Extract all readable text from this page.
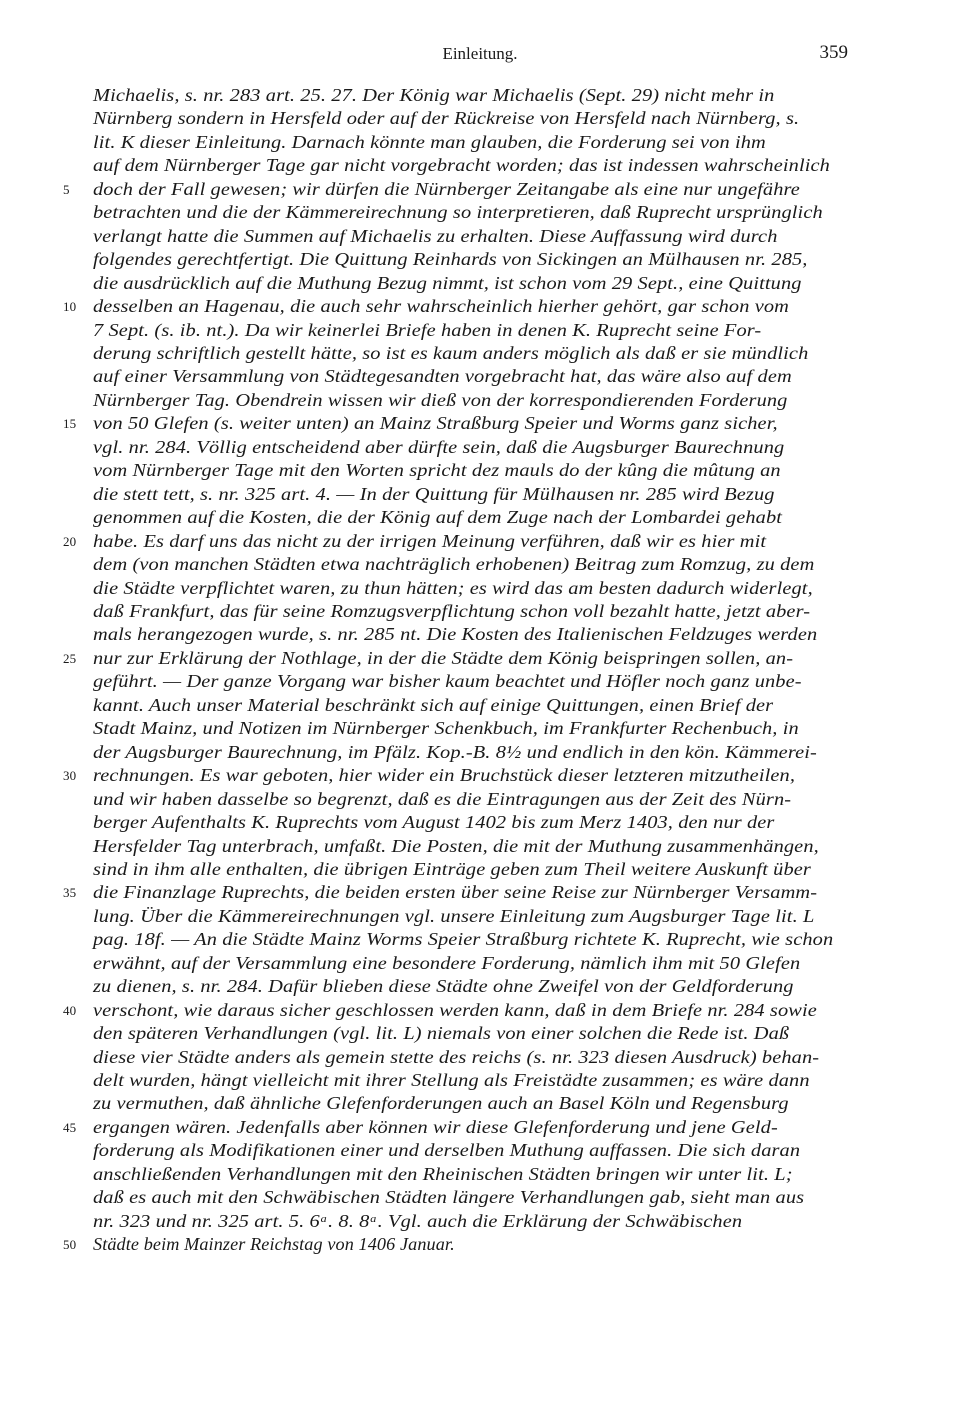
Einleitung.	359
Michaelis, s. nr. 283 art. 25. 27. Der König war Michaelis (Sept. 29) nicht mehr in
Nürnberg sondern in Hersfeld oder auf der Rückreise von Hersfeld nach Nürnberg, s.
lit. K dieser Einleitung. Darnach könnte man glauben, die Forderung sei von ihm
auf dem Nürnberger Tage gar nicht vorgebracht worden; das ist indessen wahrscheinlich
5	doch der Fall gewesen; wir dürfen die Nürnberger Zeitangabe als eine nur ungefähre
betrachten und die der Kämmereirechnung so interpretieren, daß Ruprecht ursprünglich
verlangt hatte die Summen auf Michaelis zu erhalten. Diese Auffassung wird durch
folgendes gerechtfertigt. Die Quittung Reinhards von Sickingen an Mülhausen nr. 285,
die ausdrücklich auf die Muthung Bezug nimmt, ist schon vom 29 Sept., eine Quittung
10 desselben an Hagenau, die auch sehr wahrscheinlich hierher gehört, gar schon vom
7 Sept. (s. ib. nt.). Da wir keinerlei Briefe haben in denen K. Ruprecht seine For-
derung schriftlich gestellt hätte, so ist es kaum anders möglich als daß er sie mündlich
auf einer Versammlung von Städtegesandten vorgebracht hat, das wäre also auf dem
Nürnberger Tag. Obendrein wissen wir dieß von der korrespondierenden Forderung
15 von 50 Glefen (s. weiter unten) an Mainz Straßburg Speier und Worms ganz sicher,
vgl. nr. 284. Völlig entscheidend aber dürfte sein, daß die Augsburger Baurechnung
vom Nürnberger Tage mit den Worten spricht dez mauls do der kûng die mûtung an
die stett tett, s. nr. 325 art. 4. — In der Quittung für Mülhausen nr. 285 wird Bezug
genommen auf die Kosten, die der König auf dem Zuge nach der Lombardei gehabt
20 habe. Es darf uns das nicht zu der irrigen Meinung verführen, daß wir es hier mit
dem (von manchen Städten etwa nachträglich erhobenen) Beitrag zum Romzug, zu dem
die Städte verpflichtet waren, zu thun hätten; es wird das am besten dadurch widerlegt,
daß Frankfurt, das für seine Romzugsverpflichtung schon voll bezahlt hatte, jetzt aber-
mals herangezogen wurde, s. nr. 285 nt. Die Kosten des Italienischen Feldzuges werden
25 nur zur Erklärung der Nothlage, in der die Städte dem König beispringen sollen, an-
geführt. — Der ganze Vorgang war bisher kaum beachtet und Höfler noch ganz unbe-
kannt. Auch unser Material beschränkt sich auf einige Quittungen, einen Brief der
Stadt Mainz, und Notizen im Nürnberger Schenkbuch, im Frankfurter Rechenbuch, in
der Augsburger Baurechnung, im Pfälz. Kop.-B. 8½ und endlich in den kön. Kämmerei-
30 rechnungen. Es war geboten, hier wider ein Bruchstück dieser letzteren mitzutheilen,
und wir haben dasselbe so begrenzt, daß es die Eintragungen aus der Zeit des Nürn-
berger Aufenthalts K. Ruprechts vom August 1402 bis zum Merz 1403, den nur der
Hersfelder Tag unterbrach, umfaßt. Die Posten, die mit der Muthung zusammenhängen,
sind in ihm alle enthalten, die übrigen Einträge geben zum Theil weitere Auskunft über
35 die Finanzlage Ruprechts, die beiden ersten über seine Reise zur Nürnberger Versamm-
lung. Über die Kämmereirechnungen vgl. unsere Einleitung zum Augsburger Tage lit. L
pag. 18f. — An die Städte Mainz Worms Speier Straßburg richtete K. Ruprecht, wie schon
erwähnt, auf der Versammlung eine besondere Forderung, nämlich ihm mit 50 Glefen
zu dienen, s. nr. 284. Dafür blieben diese Städte ohne Zweifel von der Geldforderung
40 verschont, wie daraus sicher geschlossen werden kann, daß in dem Briefe nr. 284 sowie
den späteren Verhandlungen (vgl. lit. L) niemals von einer solchen die Rede ist. Daß
diese vier Städte anders als gemein stette des reichs (s. nr. 323 diesen Ausdruck) behan-
delt wurden, hängt vielleicht mit ihrer Stellung als Freistädte zusammen; es wäre dann
zu vermuthen, daß ähnliche Glefenforderungen auch an Basel Köln und Regensburg
45 ergangen wären. Jedenfalls aber können wir diese Glefenforderung und jene Geld-
forderung als Modifikationen einer und derselben Muthung auffassen. Die sich daran
anschließenden Verhandlungen mit den Rheinischen Städten bringen wir unter lit. L;
daß es auch mit den Schwäbischen Städten längere Verhandlungen gab, sieht man aus
nr. 323 und nr. 325 art. 5. 6ᵃ. 8. 8ᵃ. Vgl. auch die Erklärung der Schwäbischen
50 Städte beim Mainzer Reichstag von 1406 Januar.
